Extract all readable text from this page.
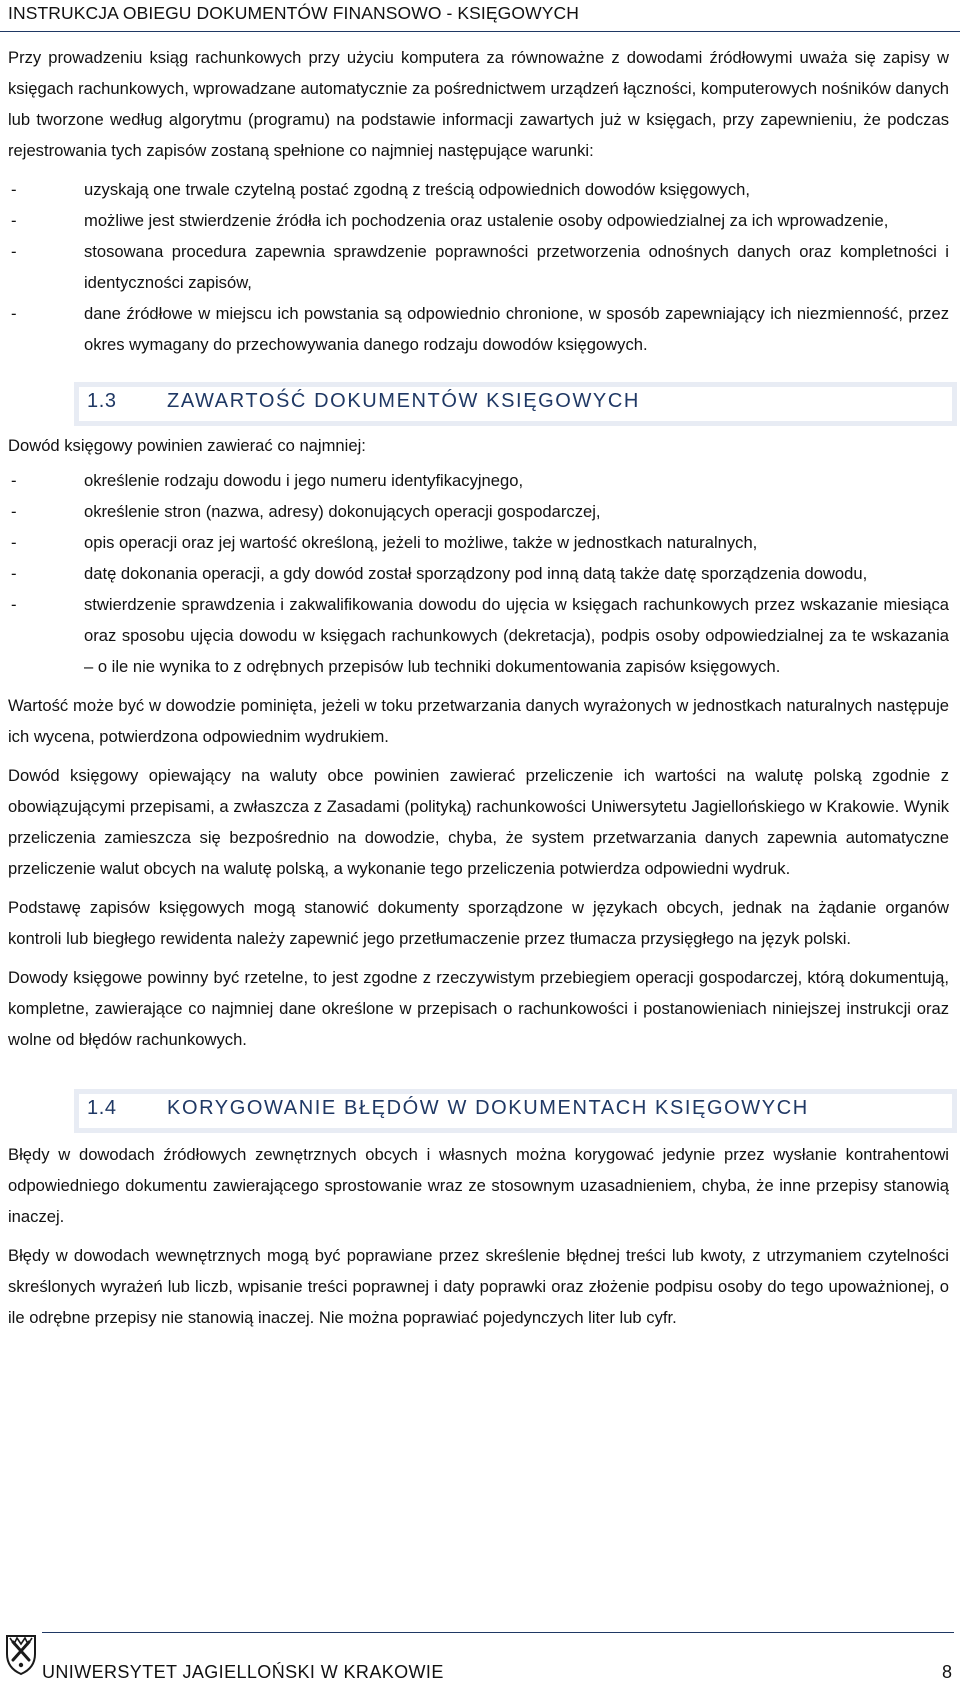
INSTRUKCJA OBIEGU DOKUMENTÓW FINANSOWO - KSIĘGOWYCH

Przy prowadzeniu ksiąg rachunkowych przy użyciu komputera za równoważne z dowodami źródłowymi uważa się zapisy w księgach rachunkowych, wprowadzane automatycznie za pośrednictwem urządzeń łączności, komputerowych nośników danych lub tworzone według algorytmu (programu) na podstawie informacji zawartych już w księgach, przy zapewnieniu, że podczas rejestrowania tych zapisów zostaną spełnione co najmniej następujące warunki:

-	uzyskają one trwale czytelną postać zgodną z treścią odpowiednich dowodów księgowych,
-	możliwe jest stwierdzenie źródła ich pochodzenia oraz ustalenie osoby odpowiedzialnej za ich wprowadzenie,
-	stosowana procedura zapewnia sprawdzenie poprawności przetworzenia odnośnych danych oraz kompletności i identyczności zapisów,
-	dane źródłowe w miejscu ich powstania są odpowiednio chronione, w sposób zapewniający ich niezmienność, przez okres wymagany do przechowywania danego rodzaju dowodów księgowych.
1.3	ZAWARTOŚĆ DOKUMENTÓW KSIĘGOWYCH

Dowód księgowy powinien zawierać co najmniej:

-	określenie rodzaju dowodu i jego numeru identyfikacyjnego,
-	określenie stron (nazwa, adresy) dokonujących operacji gospodarczej,
-	opis operacji oraz jej wartość określoną, jeżeli to możliwe, także w jednostkach naturalnych,
-	datę dokonania operacji, a gdy dowód został sporządzony pod inną datą także datę sporządzenia dowodu,
-	stwierdzenie sprawdzenia i zakwalifikowania dowodu do ujęcia w księgach rachunkowych przez wskazanie miesiąca oraz sposobu ujęcia dowodu w księgach rachunkowych (dekretacja), podpis osoby odpowiedzialnej za te wskazania – o ile nie wynika to z odrębnych przepisów lub techniki dokumentowania zapisów księgowych.

Wartość może być w dowodzie pominięta, jeżeli w toku przetwarzania danych wyrażonych w jednostkach naturalnych następuje ich wycena, potwierdzona odpowiednim wydrukiem.

Dowód księgowy opiewający na waluty obce powinien zawierać przeliczenie ich wartości na walutę polską zgodnie z obowiązującymi przepisami, a zwłaszcza z Zasadami (polityką) rachunkowości Uniwersytetu Jagiellońskiego w Krakowie. Wynik przeliczenia zamieszcza się bezpośrednio na dowodzie, chyba, że system przetwarzania danych zapewnia automatyczne przeliczenie walut obcych na walutę polską, a wykonanie tego przeliczenia potwierdza odpowiedni wydruk.

Podstawę zapisów księgowych mogą stanowić dokumenty sporządzone w językach obcych, jednak na żądanie organów kontroli lub biegłego rewidenta należy zapewnić jego przetłumaczenie przez tłumacza przysięgłego na język polski.

Dowody księgowe powinny być rzetelne, to jest zgodne z rzeczywistym przebiegiem operacji gospodarczej, którą dokumentują, kompletne, zawierające co najmniej dane określone w przepisach o rachunkowości i postanowieniach niniejszej instrukcji oraz wolne od błędów rachunkowych.

1.4	KORYGOWANIE BŁĘDÓW W DOKUMENTACH KSIĘGOWYCH

Błędy w dowodach źródłowych zewnętrznych obcych i własnych można korygować jedynie przez wysłanie kontrahentowi odpowiedniego dokumentu zawierającego sprostowanie wraz ze stosownym uzasadnieniem, chyba, że inne przepisy stanowią inaczej.

Błędy w dowodach wewnętrznych mogą być poprawiane przez skreślenie błędnej treści lub kwoty, z utrzymaniem czytelności skreślonych wyrażeń lub liczb, wpisanie treści poprawnej i daty poprawki oraz złożenie podpisu osoby do tego upoważnionej, o ile odrębne przepisy nie stanowią inaczej. Nie można poprawiać pojedynczych liter lub cyfr.

UNIWERSYTET JAGIELLOŃSKI W KRAKOWIE	8
